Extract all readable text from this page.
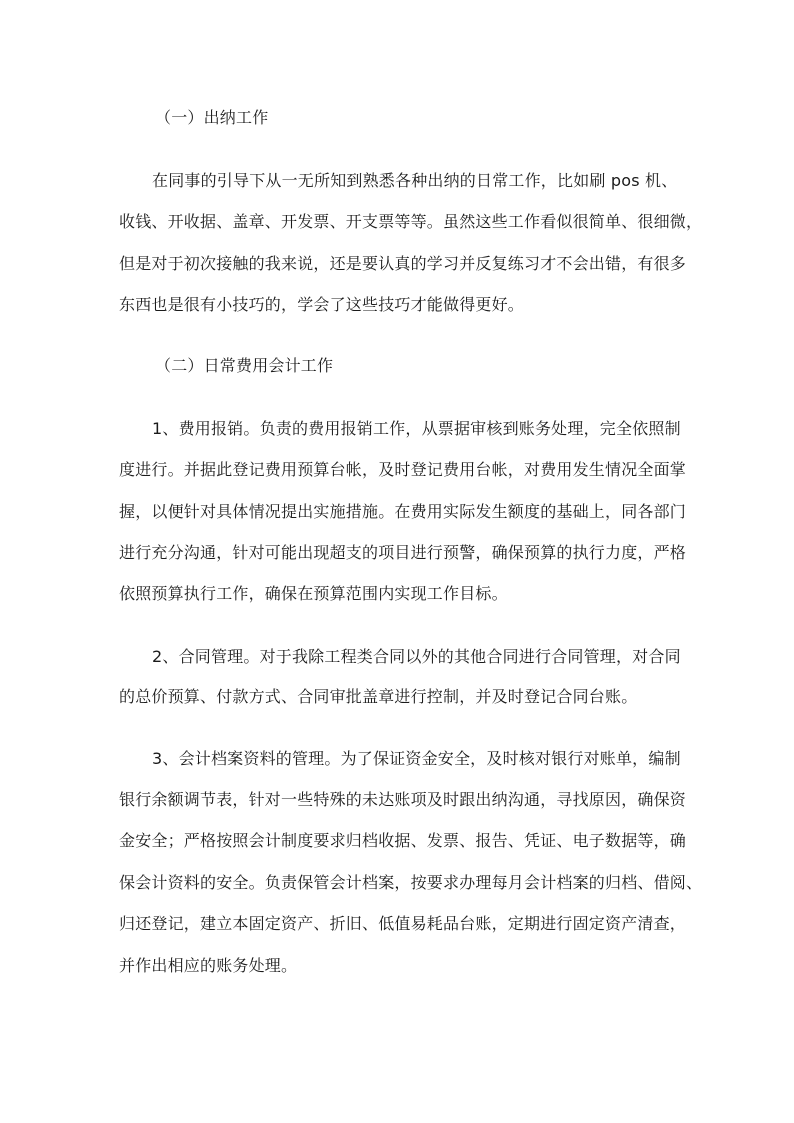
（一）出纳工作
在同事的引导下从一无所知到熟悉各种出纳的日常工作，比如刷 pos 机、
收钱、开收据、盖章、开发票、开支票等等。虽然这些工作看似很简单、很细微，
但是对于初次接触的我来说，还是要认真的学习并反复练习才不会出错，有很多
东西也是很有小技巧的，学会了这些技巧才能做得更好。
（二）日常费用会计工作
1、费用报销。负责的费用报销工作，从票据审核到账务处理，完全依照制
度进行。并据此登记费用预算台帐，及时登记费用台帐，对费用发生情况全面掌
握，以便针对具体情况提出实施措施。在费用实际发生额度的基础上，同各部门
进行充分沟通，针对可能出现超支的项目进行预警，确保预算的执行力度，严格
依照预算执行工作，确保在预算范围内实现工作目标。
2、合同管理。对于我除工程类合同以外的其他合同进行合同管理，对合同
的总价预算、付款方式、合同审批盖章进行控制，并及时登记合同台账。
3、会计档案资料的管理。为了保证资金安全，及时核对银行对账单，编制
银行余额调节表，针对一些特殊的未达账项及时跟出纳沟通，寻找原因，确保资
金安全；严格按照会计制度要求归档收据、发票、报告、凭证、电子数据等，确
保会计资料的安全。负责保管会计档案，按要求办理每月会计档案的归档、借阅、
归还登记，建立本固定资产、折旧、低值易耗品台账，定期进行固定资产清查，
并作出相应的账务处理。
